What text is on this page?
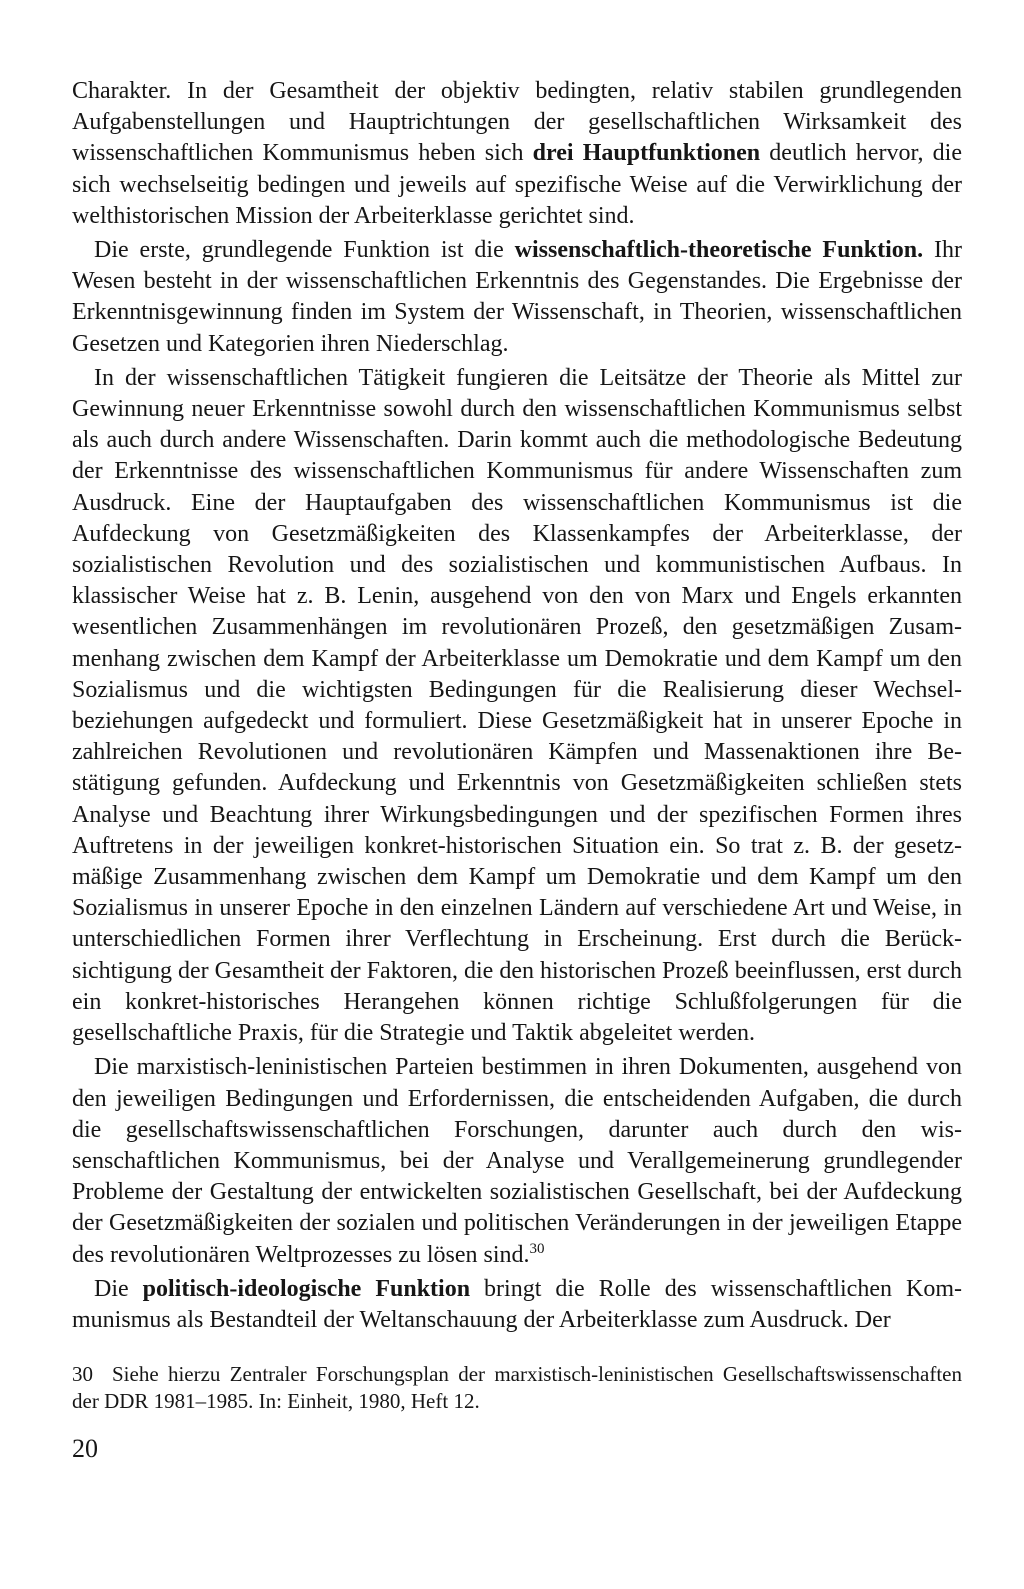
Charakter. In der Gesamtheit der objektiv bedingten, relativ stabilen grundlegenden Aufgabenstellungen und Hauptrichtungen der gesellschaftlichen Wirksamkeit des wissenschaftlichen Kommunismus heben sich drei Hauptfunktionen deutlich hervor, die sich wechselseitig bedingen und jeweils auf spezifische Weise auf die Verwirklichung der welthistorischen Mission der Arbeiterklasse gerichtet sind.

Die erste, grundlegende Funktion ist die wissenschaftlich-theoretische Funktion. Ihr Wesen besteht in der wissenschaftlichen Erkenntnis des Gegenstandes. Die Ergebnisse der Erkenntnisgewinnung finden im System der Wissenschaft, in Theorien, wissenschaftlichen Gesetzen und Kategorien ihren Niederschlag.

In der wissenschaftlichen Tätigkeit fungieren die Leitsätze der Theorie als Mittel zur Gewinnung neuer Erkenntnisse sowohl durch den wissenschaftlichen Kommunismus selbst als auch durch andere Wissenschaften. Darin kommt auch die methodologische Bedeutung der Erkenntnisse des wissenschaftlichen Kommunismus für andere Wissenschaften zum Ausdruck. Eine der Hauptaufgaben des wissenschaftlichen Kommunismus ist die Aufdeckung von Gesetzmäßigkeiten des Klassenkampfes der Arbeiterklasse, der sozialistischen Revolution und des sozialistischen und kommunistischen Aufbaus. In klassischer Weise hat z. B. Lenin, ausgehend von den von Marx und Engels erkannten wesentlichen Zusammenhängen im revolutionären Prozeß, den gesetzmäßigen Zusammenhang zwischen dem Kampf der Arbeiterklasse um Demokratie und dem Kampf um den Sozialismus und die wichtigsten Bedingungen für die Realisierung dieser Wechselbeziehungen aufgedeckt und formuliert. Diese Gesetzmäßigkeit hat in unserer Epoche in zahlreichen Revolutionen und revolutionären Kämpfen und Massenaktionen ihre Bestätigung gefunden. Aufdeckung und Erkenntnis von Gesetzmäßigkeiten schließen stets Analyse und Beachtung ihrer Wirkungsbedingungen und der spezifischen Formen ihres Auftretens in der jeweiligen konkret-historischen Situation ein. So trat z. B. der gesetzmäßige Zusammenhang zwischen dem Kampf um Demokratie und dem Kampf um den Sozialismus in unserer Epoche in den einzelnen Ländern auf verschiedene Art und Weise, in unterschiedlichen Formen ihrer Verflechtung in Erscheinung. Erst durch die Berücksichtigung der Gesamtheit der Faktoren, die den historischen Prozeß beeinflussen, erst durch ein konkret-historisches Herangehen können richtige Schlußfolgerungen für die gesellschaftliche Praxis, für die Strategie und Taktik abgeleitet werden.

Die marxistisch-leninistischen Parteien bestimmen in ihren Dokumenten, ausgehend von den jeweiligen Bedingungen und Erfordernissen, die entscheidenden Aufgaben, die durch die gesellschaftswissenschaftlichen Forschungen, darunter auch durch den wissenschaftlichen Kommunismus, bei der Analyse und Verallgemeinerung grundlegender Probleme der Gestaltung der entwickelten sozialistischen Gesellschaft, bei der Aufdeckung der Gesetzmäßigkeiten der sozialen und politischen Veränderungen in der jeweiligen Etappe des revolutionären Weltprozesses zu lösen sind.$^{30}$

Die politisch-ideologische Funktion bringt die Rolle des wissenschaftlichen Kommunismus als Bestandteil der Weltanschauung der Arbeiterklasse zum Ausdruck. Der

30 Siehe hierzu Zentraler Forschungsplan der marxistisch-leninistischen Gesellschaftswissenschaften der DDR 1981–1985. In: Einheit, 1980, Heft 12.
20
